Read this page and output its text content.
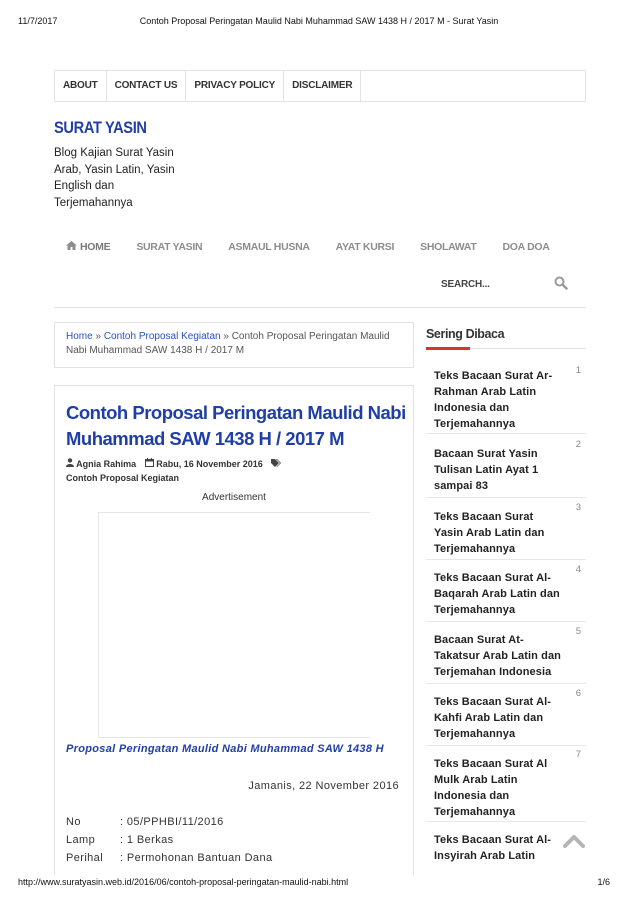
11/7/2017	Contoh Proposal Peringatan Maulid Nabi Muhammad SAW 1438 H / 2017 M - Surat Yasin
ABOUT	CONTACT US	PRIVACY POLICY	DISCLAIMER
SURAT YASIN
Blog Kajian Surat Yasin Arab, Yasin Latin, Yasin English dan Terjemahannya
HOME SURAT YASIN ASMAUL HUSNA AYAT KURSI SHOLAWAT DOA DOA
SEARCH...
Home » Contoh Proposal Kegiatan » Contoh Proposal Peringatan Maulid Nabi Muhammad SAW 1438 H / 2017 M
Contoh Proposal Peringatan Maulid Nabi Muhammad SAW 1438 H / 2017 M
Agnia Rahima Rabu, 16 November 2016
Contoh Proposal Kegiatan
Advertisement
Proposal Peringatan Maulid Nabi Muhammad SAW 1438 H
Jamanis, 22 November 2016
No	: 05/PPHBI/11/2016
Lamp : 1 Berkas
Perihal : Permohonan Bantuan Dana
Sering Dibaca
Teks Bacaan Surat Ar-Rahman Arab Latin Indonesia dan Terjemahannya
1
Bacaan Surat Yasin Tulisan Latin Ayat 1 sampai 83
2
Teks Bacaan Surat Yasin Arab Latin dan Terjemahannya
3
Teks Bacaan Surat Al-Baqarah Arab Latin dan Terjemahannya
4
Bacaan Surat At-Takatsur Arab Latin dan Terjemahan Indonesia
5
Teks Bacaan Surat Al-Kahfi Arab Latin dan Terjemahannya
6
Teks Bacaan Surat Al Mulk Arab Latin Indonesia dan Terjemahannya
7
Teks Bacaan Surat Al-Insyirah Arab Latin
http://www.suratyasin.web.id/2016/06/contoh-proposal-peringatan-maulid-nabi.html	1/6
